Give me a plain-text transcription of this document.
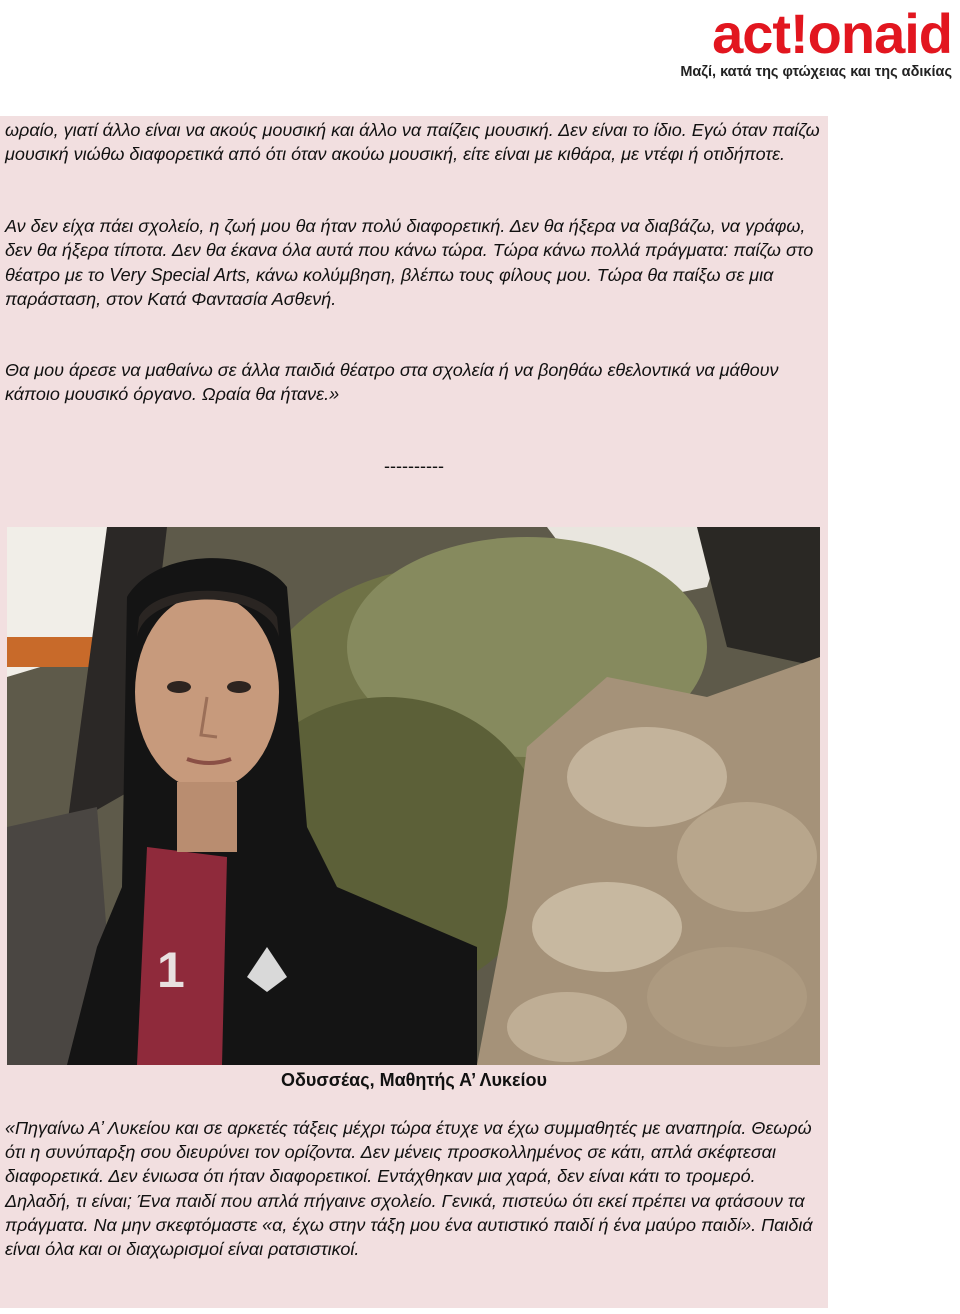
act!onaid
Μαζί, κατά της φτώχειας και της αδικίας

ωραίο, γιατί άλλο είναι να ακούς μουσική και άλλο να παίζεις μουσική. Δεν είναι το ίδιο. Εγώ όταν παίζω μουσική νιώθω διαφορετικά από ότι όταν ακούω μουσική, είτε είναι με κιθάρα, με ντέφι ή οτιδήποτε.

Αν δεν είχα πάει σχολείο, η ζωή μου θα ήταν πολύ διαφορετική. Δεν θα ήξερα να διαβάζω, να γράφω, δεν θα ήξερα τίποτα. Δεν θα έκανα όλα αυτά που κάνω τώρα. Τώρα κάνω πολλά πράγματα: παίζω στο θέατρο με το Very Special Arts, κάνω κολύμβηση, βλέπω τους φίλους μου. Τώρα θα παίξω σε μια παράσταση, στον Κατά Φαντασία Ασθενή.

Θα μου άρεσε να μαθαίνω σε άλλα παιδιά θέατρο στα σχολεία ή να βοηθάω εθελοντικά να μάθουν κάποιο μουσικό όργανο. Ωραία θα ήτανε.»

----------
1
Οδυσσέας, Μαθητής Α’ Λυκείου

«Πηγαίνω Α’ Λυκείου και σε αρκετές τάξεις μέχρι τώρα έτυχε να έχω συμμαθητές με αναπηρία. Θεωρώ ότι η συνύπαρξη σου διευρύνει τον ορίζοντα. Δεν μένεις προσκολλημένος σε κάτι, απλά σκέφτεσαι διαφορετικά. Δεν ένιωσα ότι ήταν διαφορετικοί. Εντάχθηκαν μια χαρά, δεν είναι κάτι το τρομερό. Δηλαδή, τι είναι; Ένα παιδί που απλά πήγαινε σχολείο. Γενικά, πιστεύω ότι εκεί πρέπει να φτάσουν τα πράγματα. Να μην σκεφτόμαστε «α, έχω στην τάξη μου ένα αυτιστικό παιδί ή ένα μαύρο παιδί». Παιδιά είναι όλα και οι διαχωρισμοί είναι ρατσιστικοί.
